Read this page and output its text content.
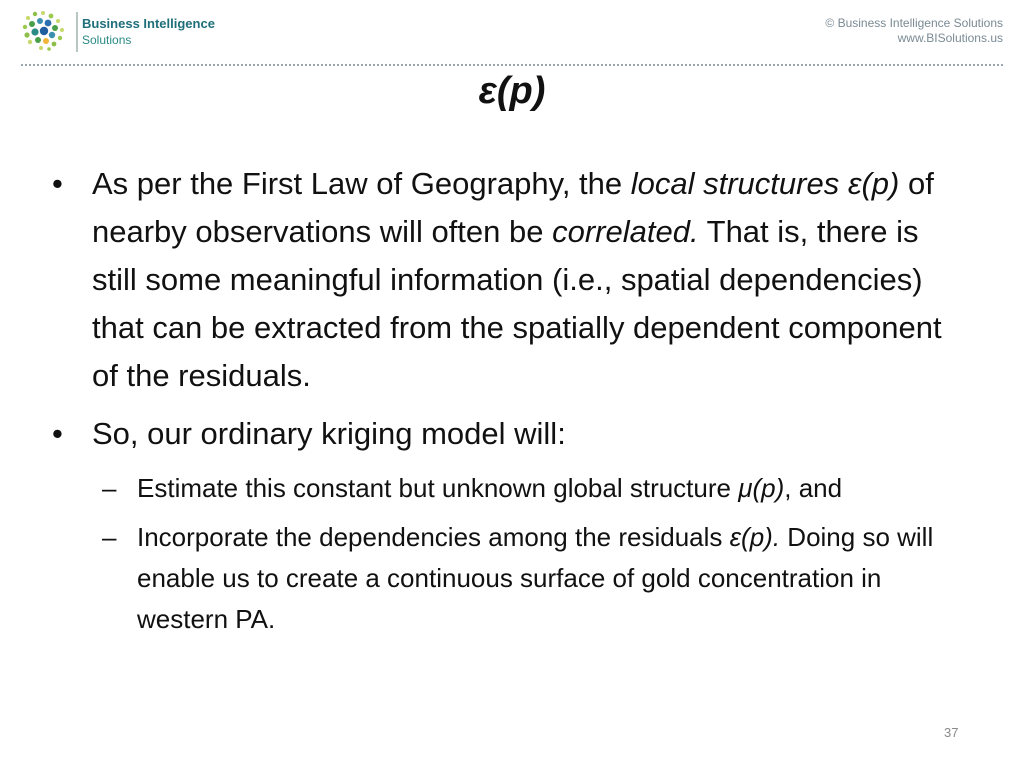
Business Intelligence
Solutions
© Business Intelligence Solutions
www.BISolutions.us
ε(p)
• As per the First Law of Geography, the local structures ε(p) of nearby observations will often be correlated. That is, there is still some meaningful information (i.e., spatial dependencies) that can be extracted from the spatially dependent component of the residuals.
• So, our ordinary kriging model will:
– Estimate this constant but unknown global structure μ(p), and
– Incorporate the dependencies among the residuals ε(p). Doing so will enable us to create a continuous surface of gold concentration in western PA.
37
